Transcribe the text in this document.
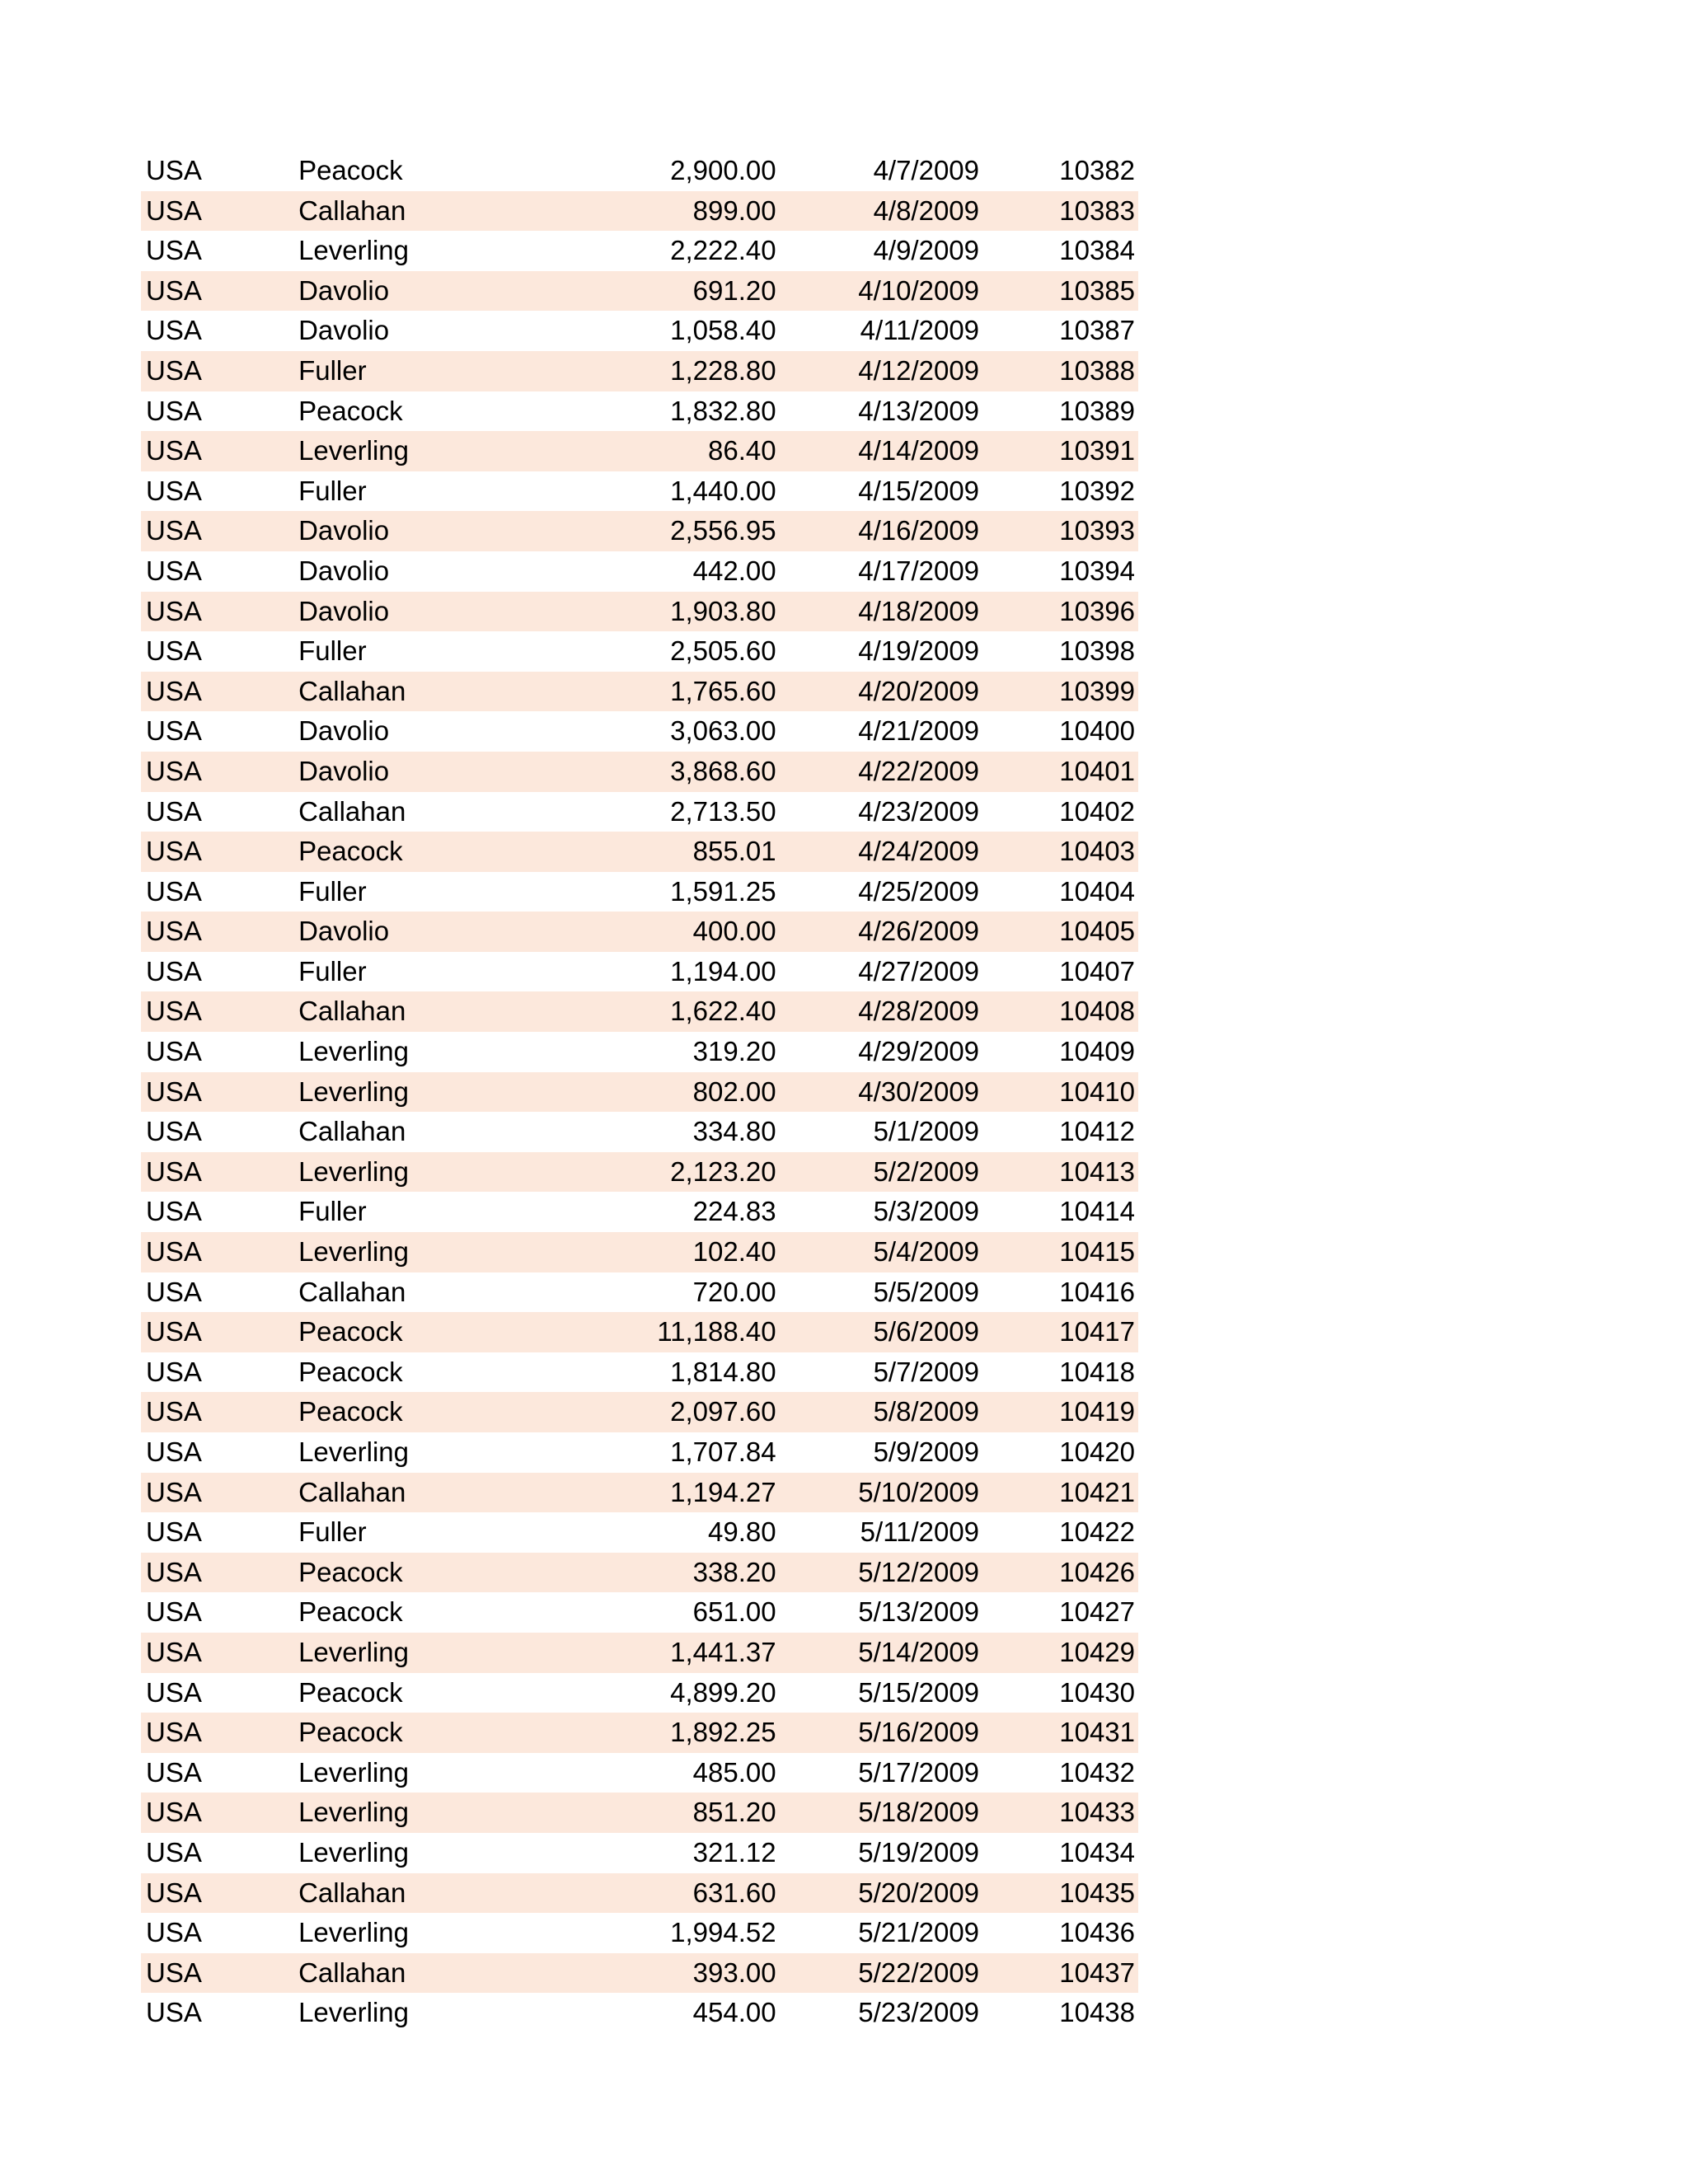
USA	Peacock	2,900.00	4/7/2009	10382
USA	Callahan	899.00	4/8/2009	10383
USA	Leverling	2,222.40	4/9/2009	10384
USA	Davolio	691.20	4/10/2009	10385
USA	Davolio	1,058.40	4/11/2009	10387
USA	Fuller	1,228.80	4/12/2009	10388
USA	Peacock	1,832.80	4/13/2009	10389
USA	Leverling	86.40	4/14/2009	10391
USA	Fuller	1,440.00	4/15/2009	10392
USA	Davolio	2,556.95	4/16/2009	10393
USA	Davolio	442.00	4/17/2009	10394
USA	Davolio	1,903.80	4/18/2009	10396
USA	Fuller	2,505.60	4/19/2009	10398
USA	Callahan	1,765.60	4/20/2009	10399
USA	Davolio	3,063.00	4/21/2009	10400
USA	Davolio	3,868.60	4/22/2009	10401
USA	Callahan	2,713.50	4/23/2009	10402
USA	Peacock	855.01	4/24/2009	10403
USA	Fuller	1,591.25	4/25/2009	10404
USA	Davolio	400.00	4/26/2009	10405
USA	Fuller	1,194.00	4/27/2009	10407
USA	Callahan	1,622.40	4/28/2009	10408
USA	Leverling	319.20	4/29/2009	10409
USA	Leverling	802.00	4/30/2009	10410
USA	Callahan	334.80	5/1/2009	10412
USA	Leverling	2,123.20	5/2/2009	10413
USA	Fuller	224.83	5/3/2009	10414
USA	Leverling	102.40	5/4/2009	10415
USA	Callahan	720.00	5/5/2009	10416
USA	Peacock	11,188.40	5/6/2009	10417
USA	Peacock	1,814.80	5/7/2009	10418
USA	Peacock	2,097.60	5/8/2009	10419
USA	Leverling	1,707.84	5/9/2009	10420
USA	Callahan	1,194.27	5/10/2009	10421
USA	Fuller	49.80	5/11/2009	10422
USA	Peacock	338.20	5/12/2009	10426
USA	Peacock	651.00	5/13/2009	10427
USA	Leverling	1,441.37	5/14/2009	10429
USA	Peacock	4,899.20	5/15/2009	10430
USA	Peacock	1,892.25	5/16/2009	10431
USA	Leverling	485.00	5/17/2009	10432
USA	Leverling	851.20	5/18/2009	10433
USA	Leverling	321.12	5/19/2009	10434
USA	Callahan	631.60	5/20/2009	10435
USA	Leverling	1,994.52	5/21/2009	10436
USA	Callahan	393.00	5/22/2009	10437
USA	Leverling	454.00	5/23/2009	10438
